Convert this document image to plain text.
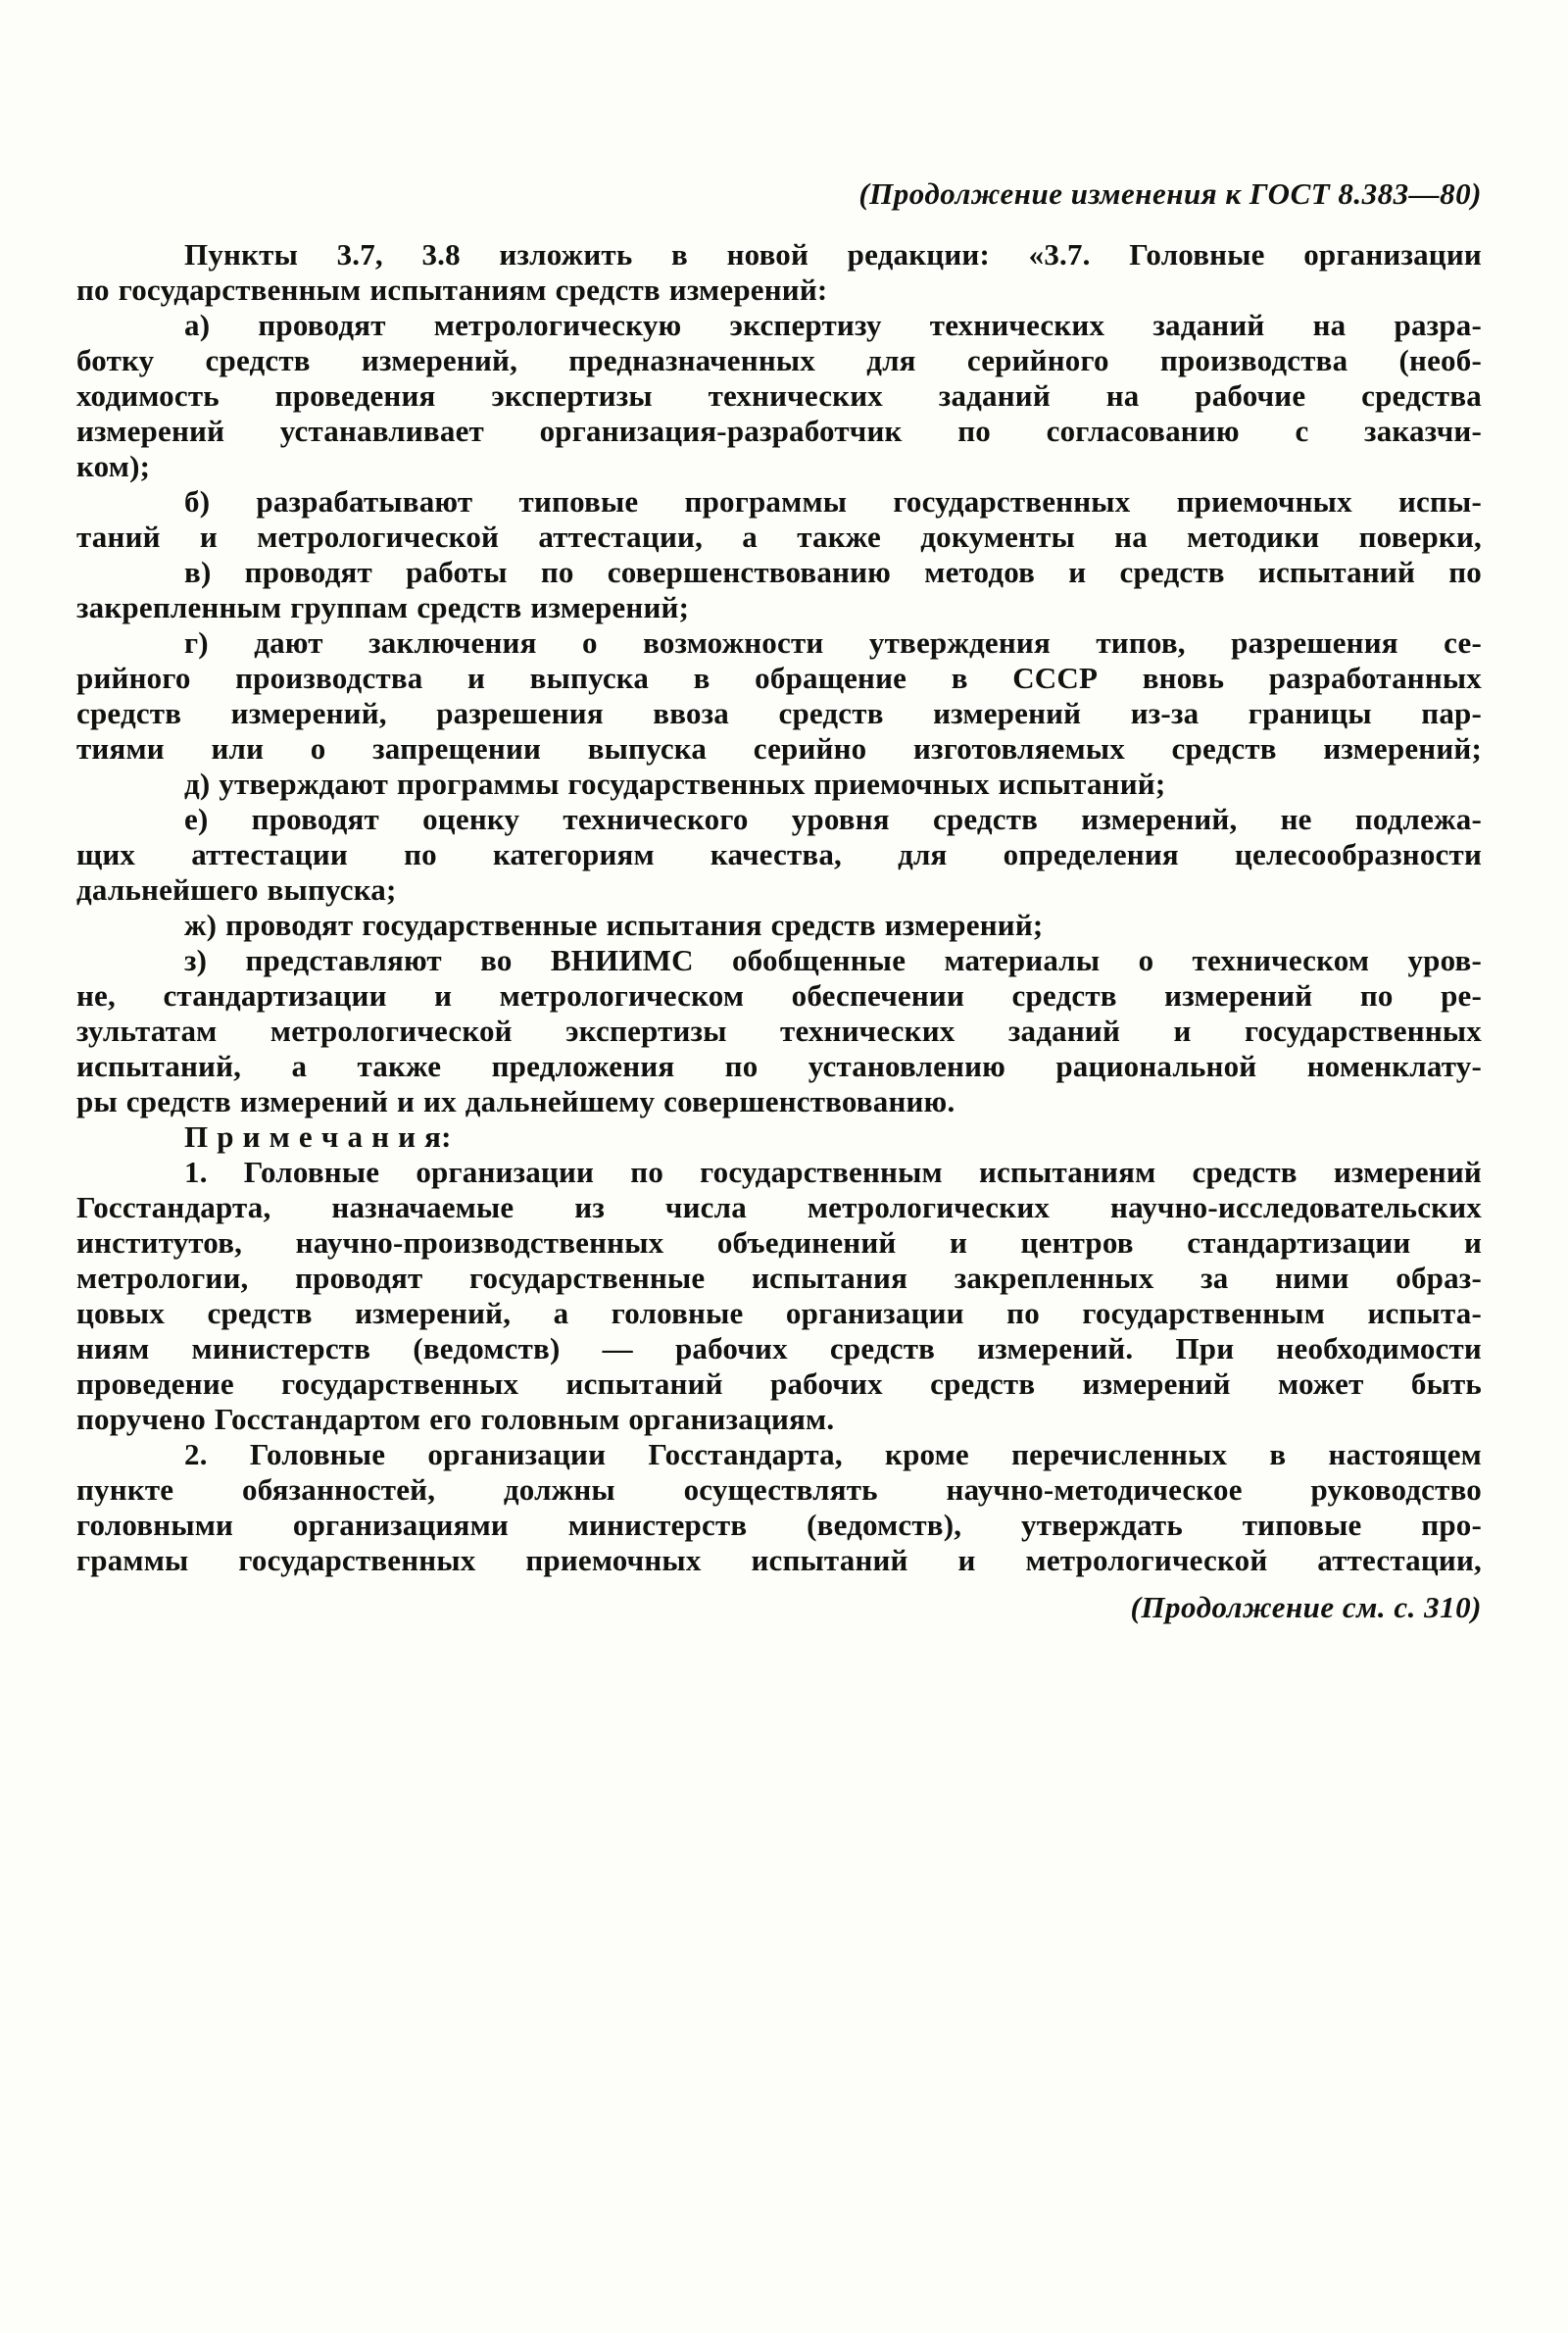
(Продолжение изменения к ГОСТ 8.383—80)
Пункты 3.7, 3.8 изложить в новой редакции: «3.7. Головные организации
по государственным испытаниям средств измерений:
а) проводят метрологическую экспертизу технических заданий на разра-
ботку средств измерений, предназначенных для серийного производства (необ-
ходимость проведения экспертизы технических заданий на рабочие средства
измерений устанавливает организация-разработчик по согласованию с заказчи-
ком);
б) разрабатывают типовые программы государственных приемочных испы-
таний и метрологической аттестации, а также документы на методики поверки,
в) проводят работы по совершенствованию методов и средств испытаний по
закрепленным группам средств измерений;
г) дают заключения о возможности утверждения типов, разрешения се-
рийного производства и выпуска в обращение в СССР вновь разработанных
средств измерений, разрешения ввоза средств измерений из-за границы пар-
тиями или о запрещении выпуска серийно изготовляемых средств измерений;
д) утверждают программы государственных приемочных испытаний;
е) проводят оценку технического уровня средств измерений, не подлежа-
щих аттестации по категориям качества, для определения целесообразности
дальнейшего выпуска;
ж) проводят государственные испытания средств измерений;
з) представляют во ВНИИМС обобщенные материалы о техническом уров-
не, стандартизации и метрологическом обеспечении средств измерений по ре-
зультатам метрологической экспертизы технических заданий и государственных
испытаний, а также предложения по установлению рациональной номенклату-
ры средств измерений и их дальнейшему совершенствованию.
П р и м е ч а н и я:
1. Головные организации по государственным испытаниям средств измерений
Госстандарта, назначаемые из числа метрологических научно-исследовательских
институтов, научно-производственных объединений и центров стандартизации и
метрологии, проводят государственные испытания закрепленных за ними образ-
цовых средств измерений, а головные организации по государственным испыта-
ниям министерств (ведомств) — рабочих средств измерений. При необходимости
проведение государственных испытаний рабочих средств измерений может быть
поручено Госстандартом его головным организациям.
2. Головные организации Госстандарта, кроме перечисленных в настоящем
пункте обязанностей, должны осуществлять научно-методическое руководство
головными организациями министерств (ведомств), утверждать типовые про-
граммы государственных приемочных испытаний и метрологической аттестации,
(Продолжение см. с. 310)
